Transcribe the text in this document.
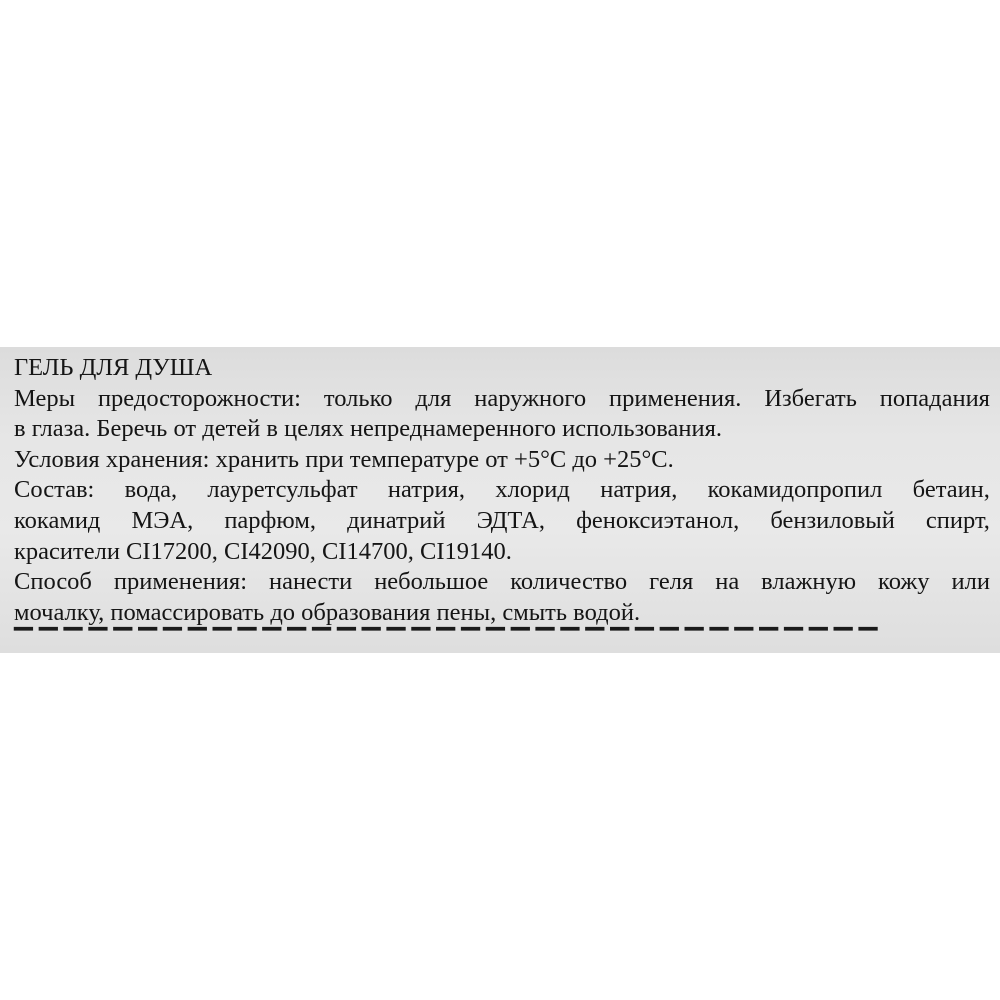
ГЕЛЬ ДЛЯ ДУША
Меры предосторожности: только для наружного применения. Избегать попадания
в глаза. Беречь от детей в целях непреднамеренного использования.
Условия хранения: хранить при температуре от +5°С до +25°С.
Состав: вода, лауретсульфат натрия, хлорид натрия, кокамидопропил бетаин,
кокамид МЭА, парфюм, динатрий ЭДТА, феноксиэтанол, бензиловый спирт,
красители CI17200, CI42090, CI14700, CI19140.
Способ применения: нанести небольшое количество геля на влажную кожу или
мочалку, помассировать до образования пены, смыть водой.
▔▔▔▔▔▔▔▔▔▔▔▔▔▔▔▔▔▔▔▔▔▔▔▔▔▔▔▔▔▔▔▔▔▔▔
